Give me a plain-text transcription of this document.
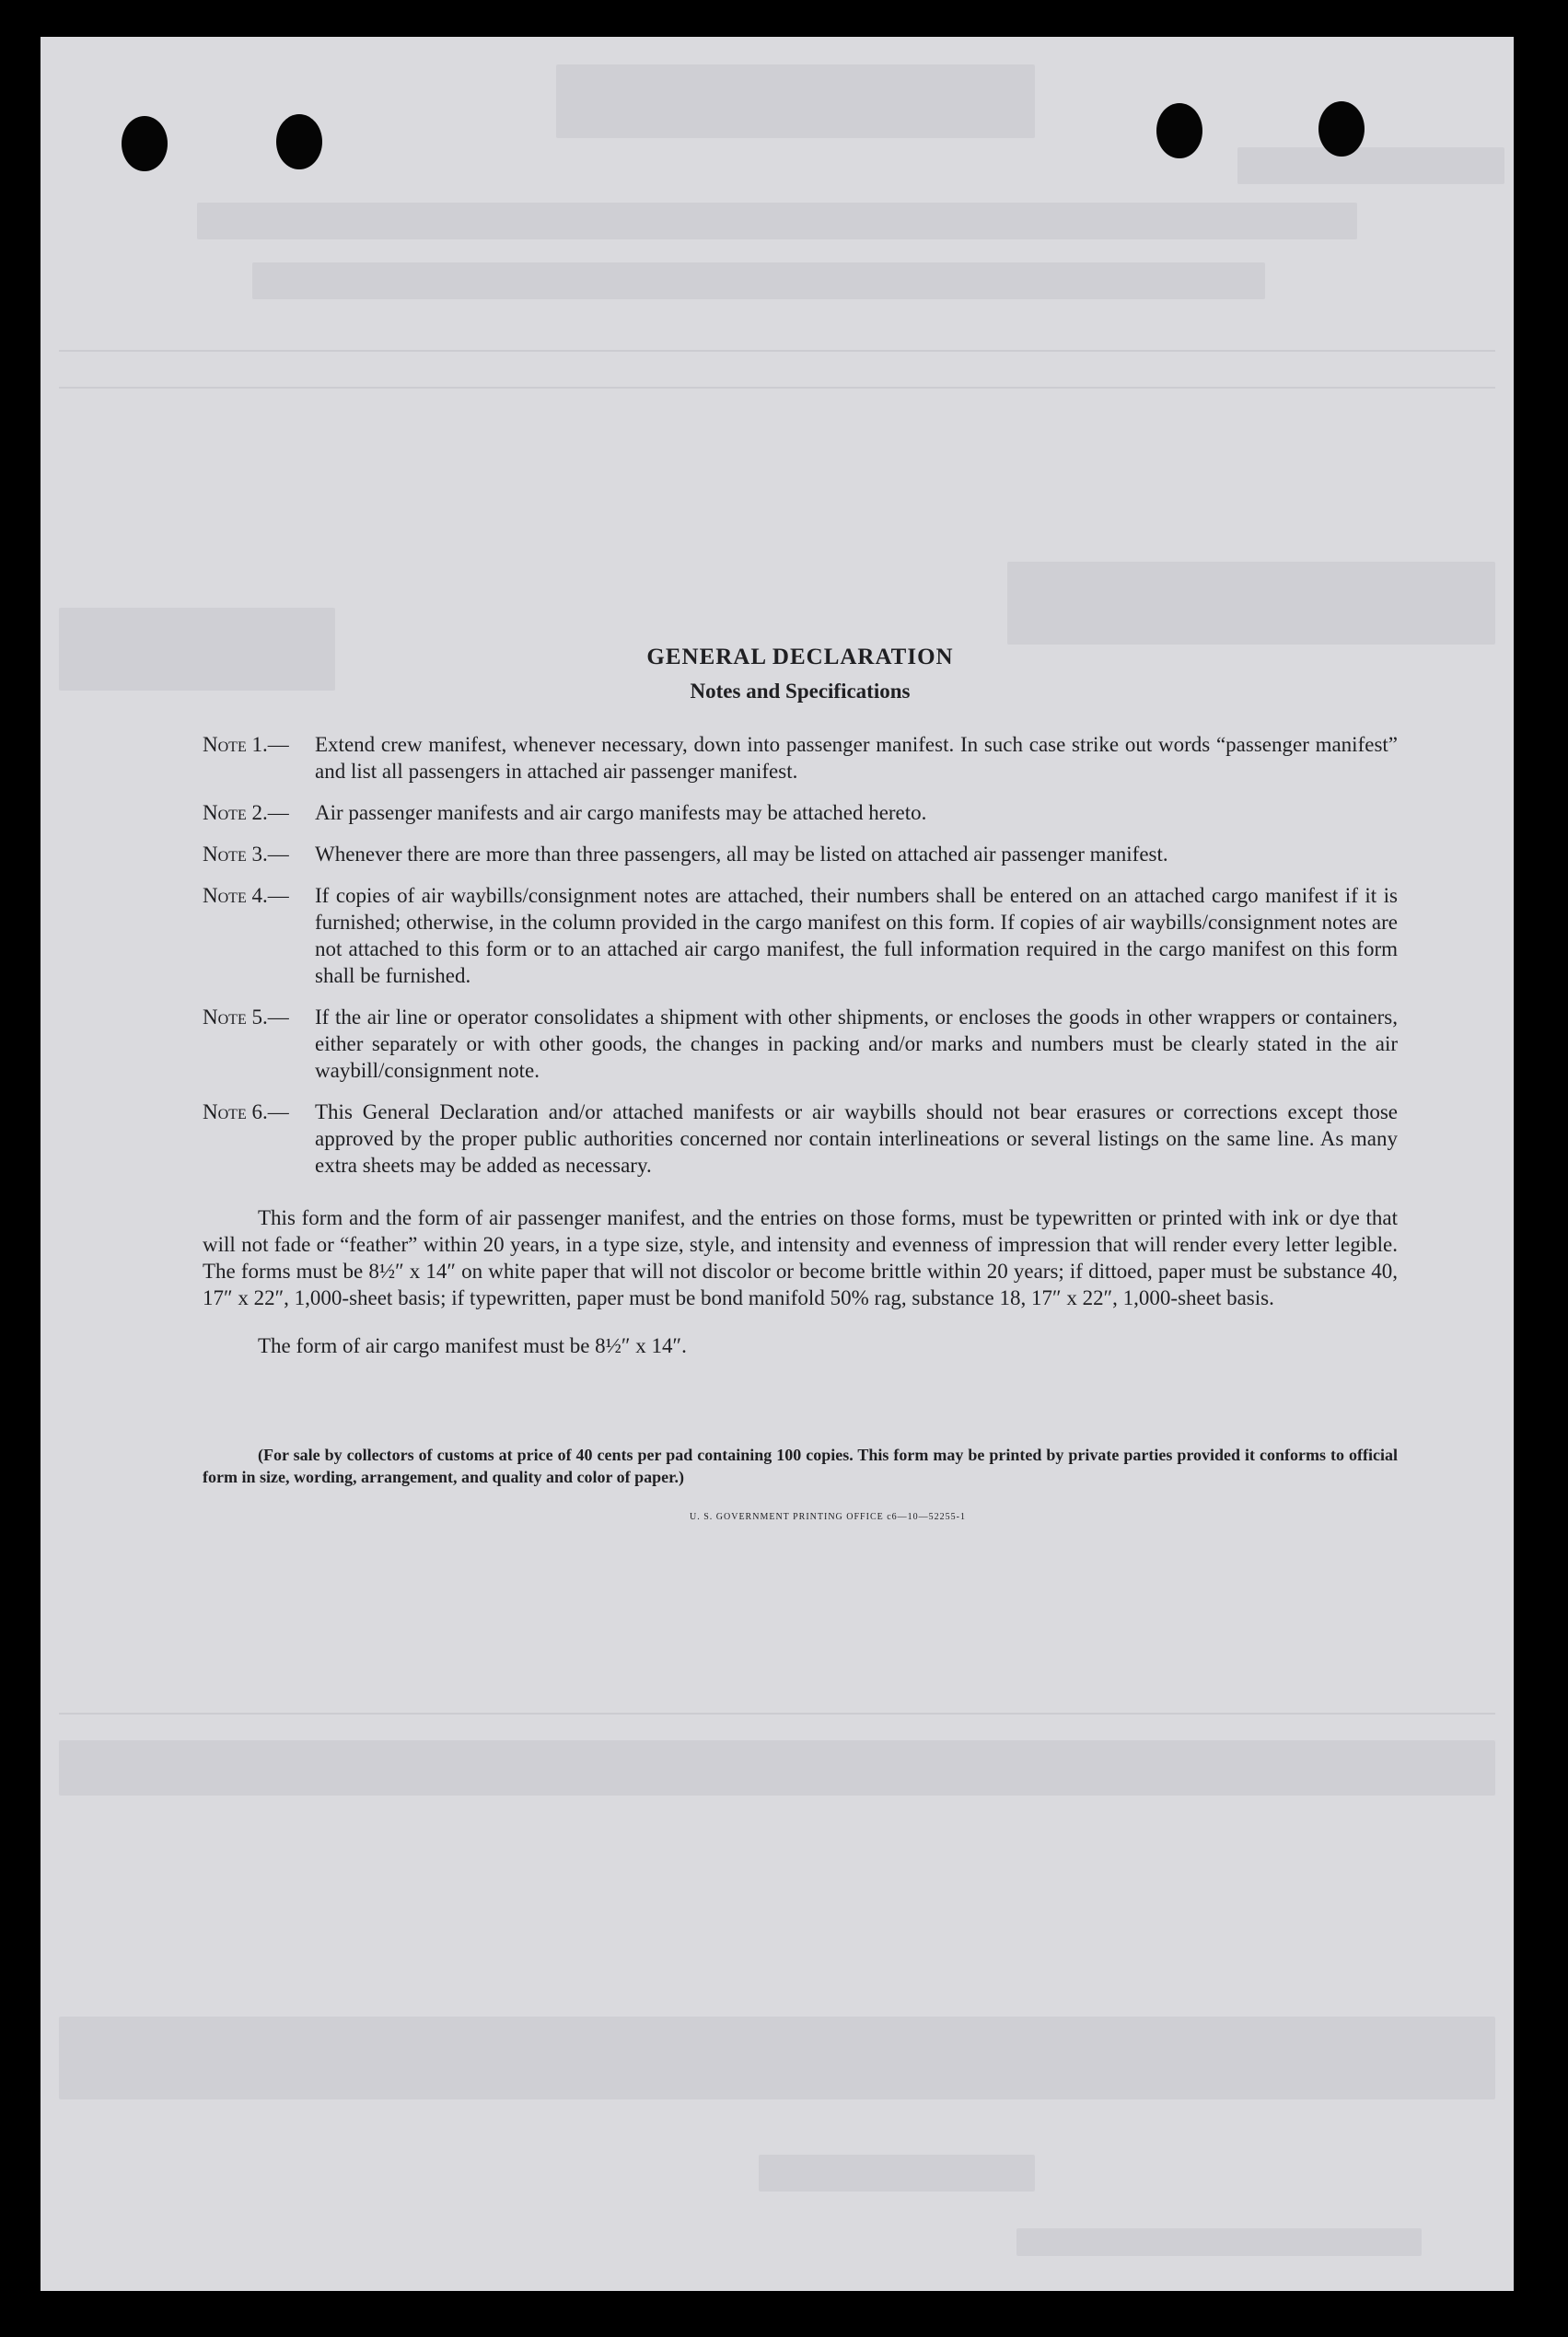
GENERAL DECLARATION
Notes and Specifications
Note 1.—	Extend crew manifest, whenever necessary, down into passenger manifest. In such case strike out words “passenger manifest” and list all passengers in attached air passenger manifest.
Note 2.—	Air passenger manifests and air cargo manifests may be attached hereto.
Note 3.—	Whenever there are more than three passengers, all may be listed on attached air passenger manifest.
Note 4.—	If copies of air waybills/consignment notes are attached, their numbers shall be entered on an attached cargo manifest if it is furnished; otherwise, in the column provided in the cargo manifest on this form. If copies of air waybills/consignment notes are not attached to this form or to an attached air cargo manifest, the full information required in the cargo manifest on this form shall be furnished.
Note 5.—	If the air line or operator consolidates a shipment with other shipments, or encloses the goods in other wrappers or containers, either separately or with other goods, the changes in packing and/or marks and numbers must be clearly stated in the air waybill/consignment note.
Note 6.—	This General Declaration and/or attached manifests or air waybills should not bear erasures or corrections except those approved by the proper public authorities concerned nor contain interlineations or several listings on the same line. As many extra sheets may be added as necessary.

This form and the form of air passenger manifest, and the entries on those forms, must be typewritten or printed with ink or dye that will not fade or “feather” within 20 years, in a type size, style, and intensity and evenness of impression that will render every letter legible. The forms must be 8½″ x 14″ on white paper that will not discolor or become brittle within 20 years; if dittoed, paper must be substance 40, 17″ x 22″, 1,000-sheet basis; if typewritten, paper must be bond manifold 50% rag, substance 18, 17″ x 22″, 1,000-sheet basis.

The form of air cargo manifest must be 8½″ x 14″.

(For sale by collectors of customs at price of 40 cents per pad containing 100 copies. This form may be printed by private parties provided it conforms to official form in size, wording, arrangement, and quality and color of paper.)

U. S. GOVERNMENT PRINTING OFFICE c6—10—52255-1
